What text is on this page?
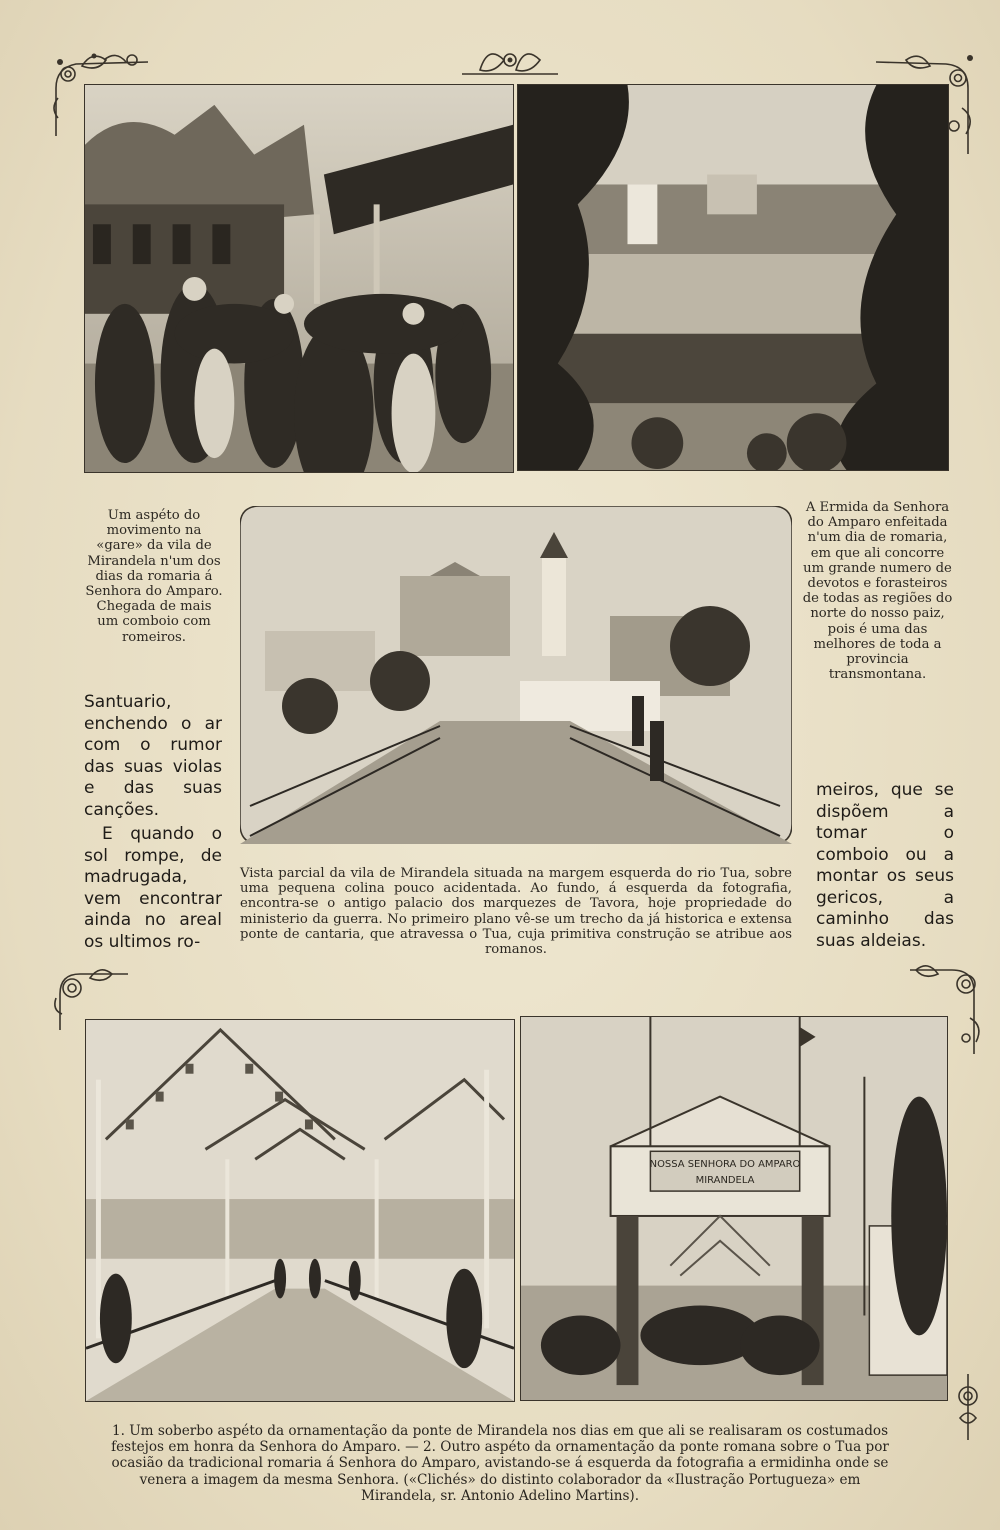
Um aspéto do movimento na «gare» da vila de Mirandela n'um dos dias da romaria á Senhora do Amparo. Chegada de mais um comboio com romeiros.
A Ermida da Senhora do Amparo enfeitada n'um dia de romaria, em que ali concorre um grande numero de devotos e forasteiros de todas as regiões do norte do nosso paiz, pois é uma das melhores de toda a provincia transmontana.

Santuario, enchendo o ar com o rumor das suas violas e das suas canções.

E quando o sol rompe, de madrugada, vem encontrar ainda no areal os ultimos ro-

meiros, que se dispõem a tomar o comboio ou a montar os seus gericos, a caminho das suas aldeias.

Vista parcial da vila de Mirandela situada na margem esquerda do rio Tua, sobre uma pequena colina pouco acidentada. Ao fundo, á esquerda da fotografia, encontra-se o antigo palacio dos marquezes de Tavora, hoje propriedade do ministerio da guerra. No primeiro plano vê-se um trecho da já historica e extensa ponte de cantaria, que atravessa o Tua, cuja primitiva construção se atribue aos romanos.
NOSSA SENHORA DO AMPARO
MIRANDELA
1. Um soberbo aspéto da ornamentação da ponte de Mirandela nos dias em que ali se realisaram os costumados festejos em honra da Senhora do Amparo. — 2. Outro aspéto da ornamentação da ponte romana sobre o Tua por ocasião da tradicional romaria á Senhora do Amparo, avistando-se á esquerda da fotografia a ermidinha onde se venera a imagem da mesma Senhora. («Clichés» do distinto colaborador da «Ilustração Portugueza» em Mirandela, sr. Antonio Adelino Martins).
